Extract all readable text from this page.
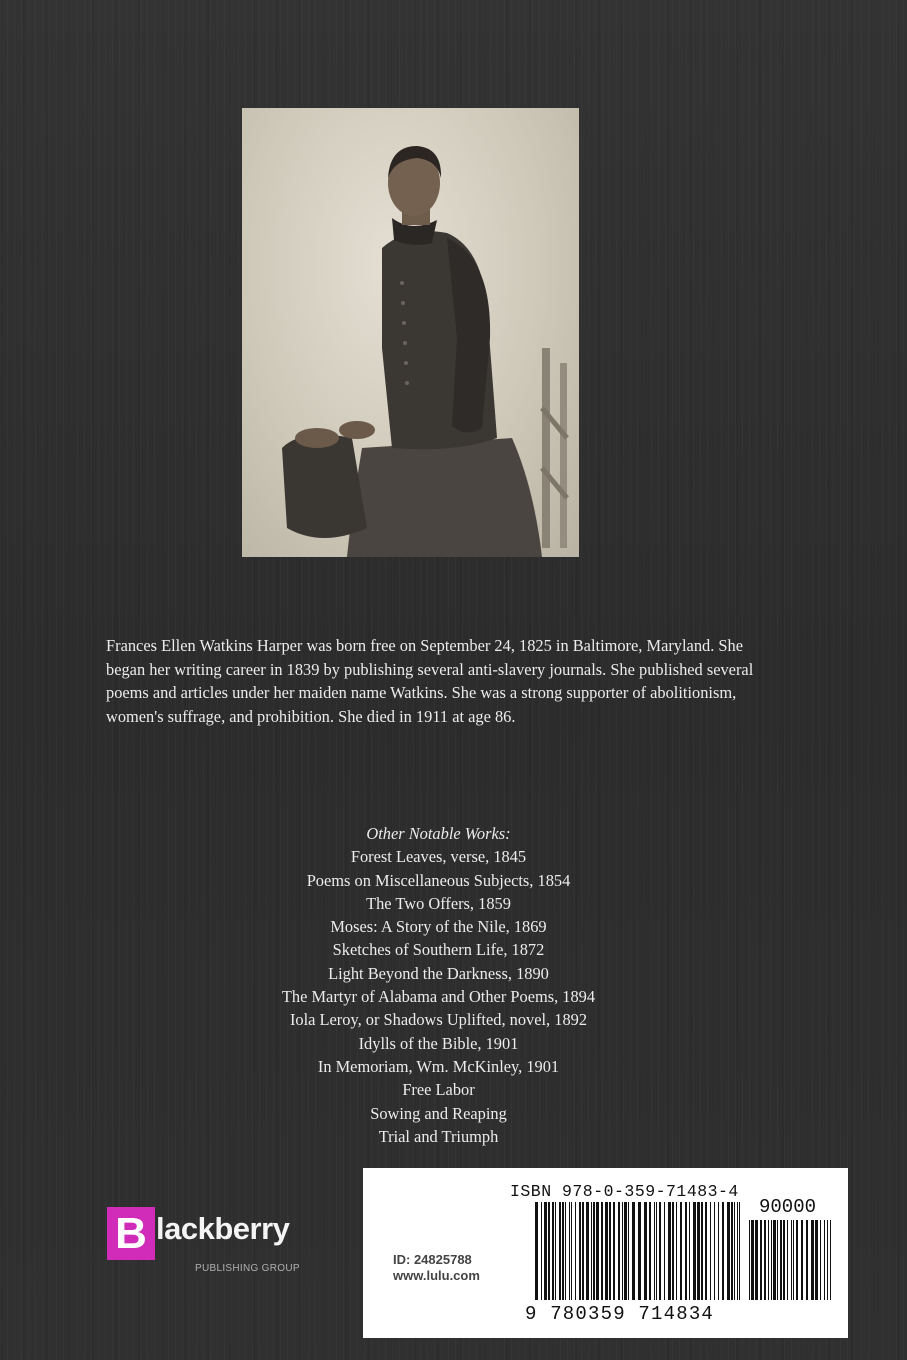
Frances Ellen Watkins Harper was born free on September 24, 1825 in Baltimore, Maryland. She began her writing career in 1839 by publishing several anti-slavery journals. She published several poems and articles under her maiden name Watkins. She was a strong supporter of abolitionism, women's suffrage, and prohibition. She died in 1911 at age 86.
Other Notable Works:
Forest Leaves, verse, 1845
Poems on Miscellaneous Subjects, 1854
The Two Offers, 1859
Moses: A Story of the Nile, 1869
Sketches of Southern Life, 1872
Light Beyond the Darkness, 1890
The Martyr of Alabama and Other Poems, 1894
Iola Leroy, or Shadows Uplifted, novel, 1892
Idylls of the Bible, 1901
In Memoriam, Wm. McKinley, 1901
Free Labor
Sowing and Reaping
Trial and Triumph
B lackberry
PUBLISHING GROUP
ID: 24825788
www.lulu.com
ISBN 978-0-359-71483-4
90000
9 780359 714834
